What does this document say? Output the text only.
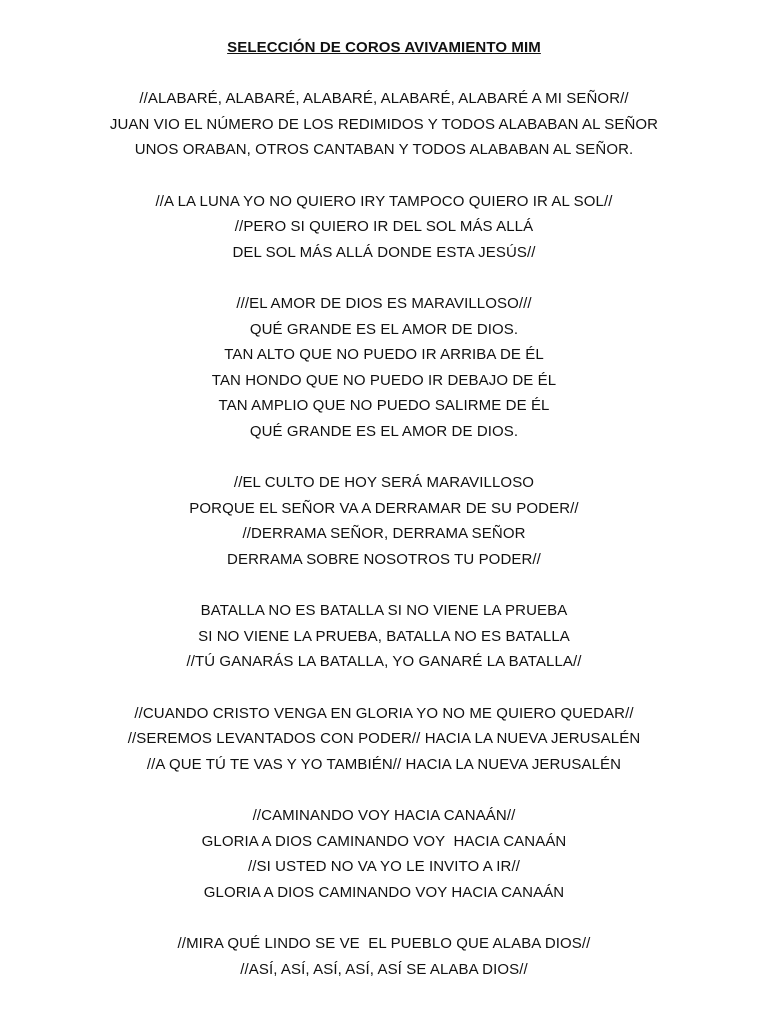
SELECCIÓN DE COROS AVIVAMIENTO MIM
//ALABARÉ, ALABARÉ, ALABARÉ, ALABARÉ, ALABARÉ A MI SEÑOR//
JUAN VIO EL NÚMERO DE LOS REDIMIDOS Y TODOS ALABABAN AL SEÑOR
UNOS ORABAN, OTROS CANTABAN Y TODOS ALABABAN AL SEÑOR.
//A LA LUNA YO NO QUIERO IRY TAMPOCO QUIERO IR AL SOL//
//PERO SI QUIERO IR DEL SOL MÁS ALLÁ
DEL SOL MÁS ALLÁ DONDE ESTA JESÚS//
///EL AMOR DE DIOS ES MARAVILLOSO///
QUÉ GRANDE ES EL AMOR DE DIOS.
TAN ALTO QUE NO PUEDO IR ARRIBA DE ÉL
TAN HONDO QUE NO PUEDO IR DEBAJO DE ÉL
TAN AMPLIO QUE NO PUEDO SALIRME DE ÉL
QUÉ GRANDE ES EL AMOR DE DIOS.
//EL CULTO DE HOY SERÁ MARAVILLOSO
PORQUE EL SEÑOR VA A DERRAMAR DE SU PODER//
//DERRAMA SEÑOR, DERRAMA SEÑOR
DERRAMA SOBRE NOSOTROS TU PODER//
BATALLA NO ES BATALLA SI NO VIENE LA PRUEBA
SI NO VIENE LA PRUEBA, BATALLA NO ES BATALLA
//TÚ GANARÁS LA BATALLA, YO GANARÉ LA BATALLA//
//CUANDO CRISTO VENGA EN GLORIA YO NO ME QUIERO QUEDAR//
//SEREMOS LEVANTADOS CON PODER// HACIA LA NUEVA JERUSALÉN
//A QUE TÚ TE VAS Y YO TAMBIÉN// HACIA LA NUEVA JERUSALÉN
//CAMINANDO VOY HACIA CANAÁN//
GLORIA A DIOS CAMINANDO VOY  HACIA CANAÁN
//SI USTED NO VA YO LE INVITO A IR//
GLORIA A DIOS CAMINANDO VOY HACIA CANAÁN
//MIRA QUÉ LINDO SE VE  EL PUEBLO QUE ALABA DIOS//
//ASÍ, ASÍ, ASÍ, ASÍ, ASÍ SE ALABA DIOS//
